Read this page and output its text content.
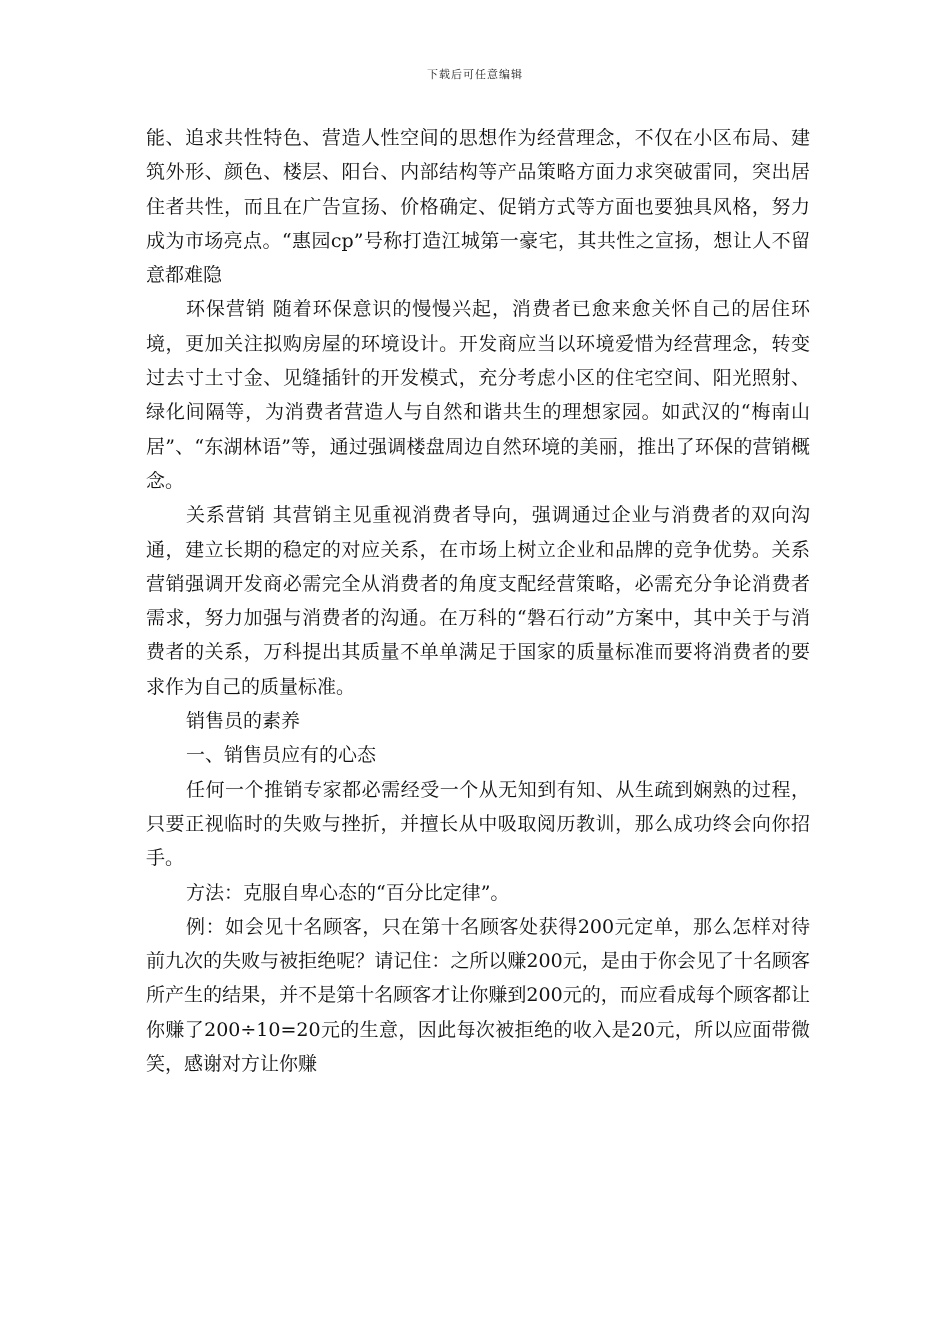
下载后可任意编辑

能、追求共性特色、营造人性空间的思想作为经营理念，不仅在小区布局、建筑外形、颜色、楼层、阳台、内部结构等产品策略方面力求突破雷同，突出居住者共性，而且在广告宣扬、价格确定、促销方式等方面也要独具风格，努力成为市场亮点。“惠园cp”号称打造江城第一豪宅，其共性之宣扬，想让人不留意都难隐

环保营销 随着环保意识的慢慢兴起，消费者已愈来愈关怀自己的居住环境，更加关注拟购房屋的环境设计。开发商应当以环境爱惜为经营理念，转变过去寸土寸金、见缝插针的开发模式，充分考虑小区的住宅空间、阳光照射、绿化间隔等，为消费者营造人与自然和谐共生的理想家园。如武汉的“梅南山居”、“东湖林语”等，通过强调楼盘周边自然环境的美丽，推出了环保的营销概念。

关系营销 其营销主见重视消费者导向，强调通过企业与消费者的双向沟通，建立长期的稳定的对应关系，在市场上树立企业和品牌的竞争优势。关系营销强调开发商必需完全从消费者的角度支配经营策略，必需充分争论消费者需求，努力加强与消费者的沟通。在万科的“磐石行动”方案中，其中关于与消费者的关系，万科提出其质量不单单满足于国家的质量标准而要将消费者的要求作为自己的质量标准。

销售员的素养

一、销售员应有的心态

任何一个推销专家都必需经受一个从无知到有知、从生疏到娴熟的过程，只要正视临时的失败与挫折，并擅长从中吸取阅历教训，那么成功终会向你招手。

方法：克服自卑心态的“百分比定律”。

例：如会见十名顾客，只在第十名顾客处获得200元定单，那么怎样对待前九次的失败与被拒绝呢？请记住：之所以赚200元，是由于你会见了十名顾客所产生的结果，并不是第十名顾客才让你赚到200元的，而应看成每个顾客都让你赚了200÷10=20元的生意，因此每次被拒绝的收入是20元，所以应面带微笑，感谢对方让你赚
